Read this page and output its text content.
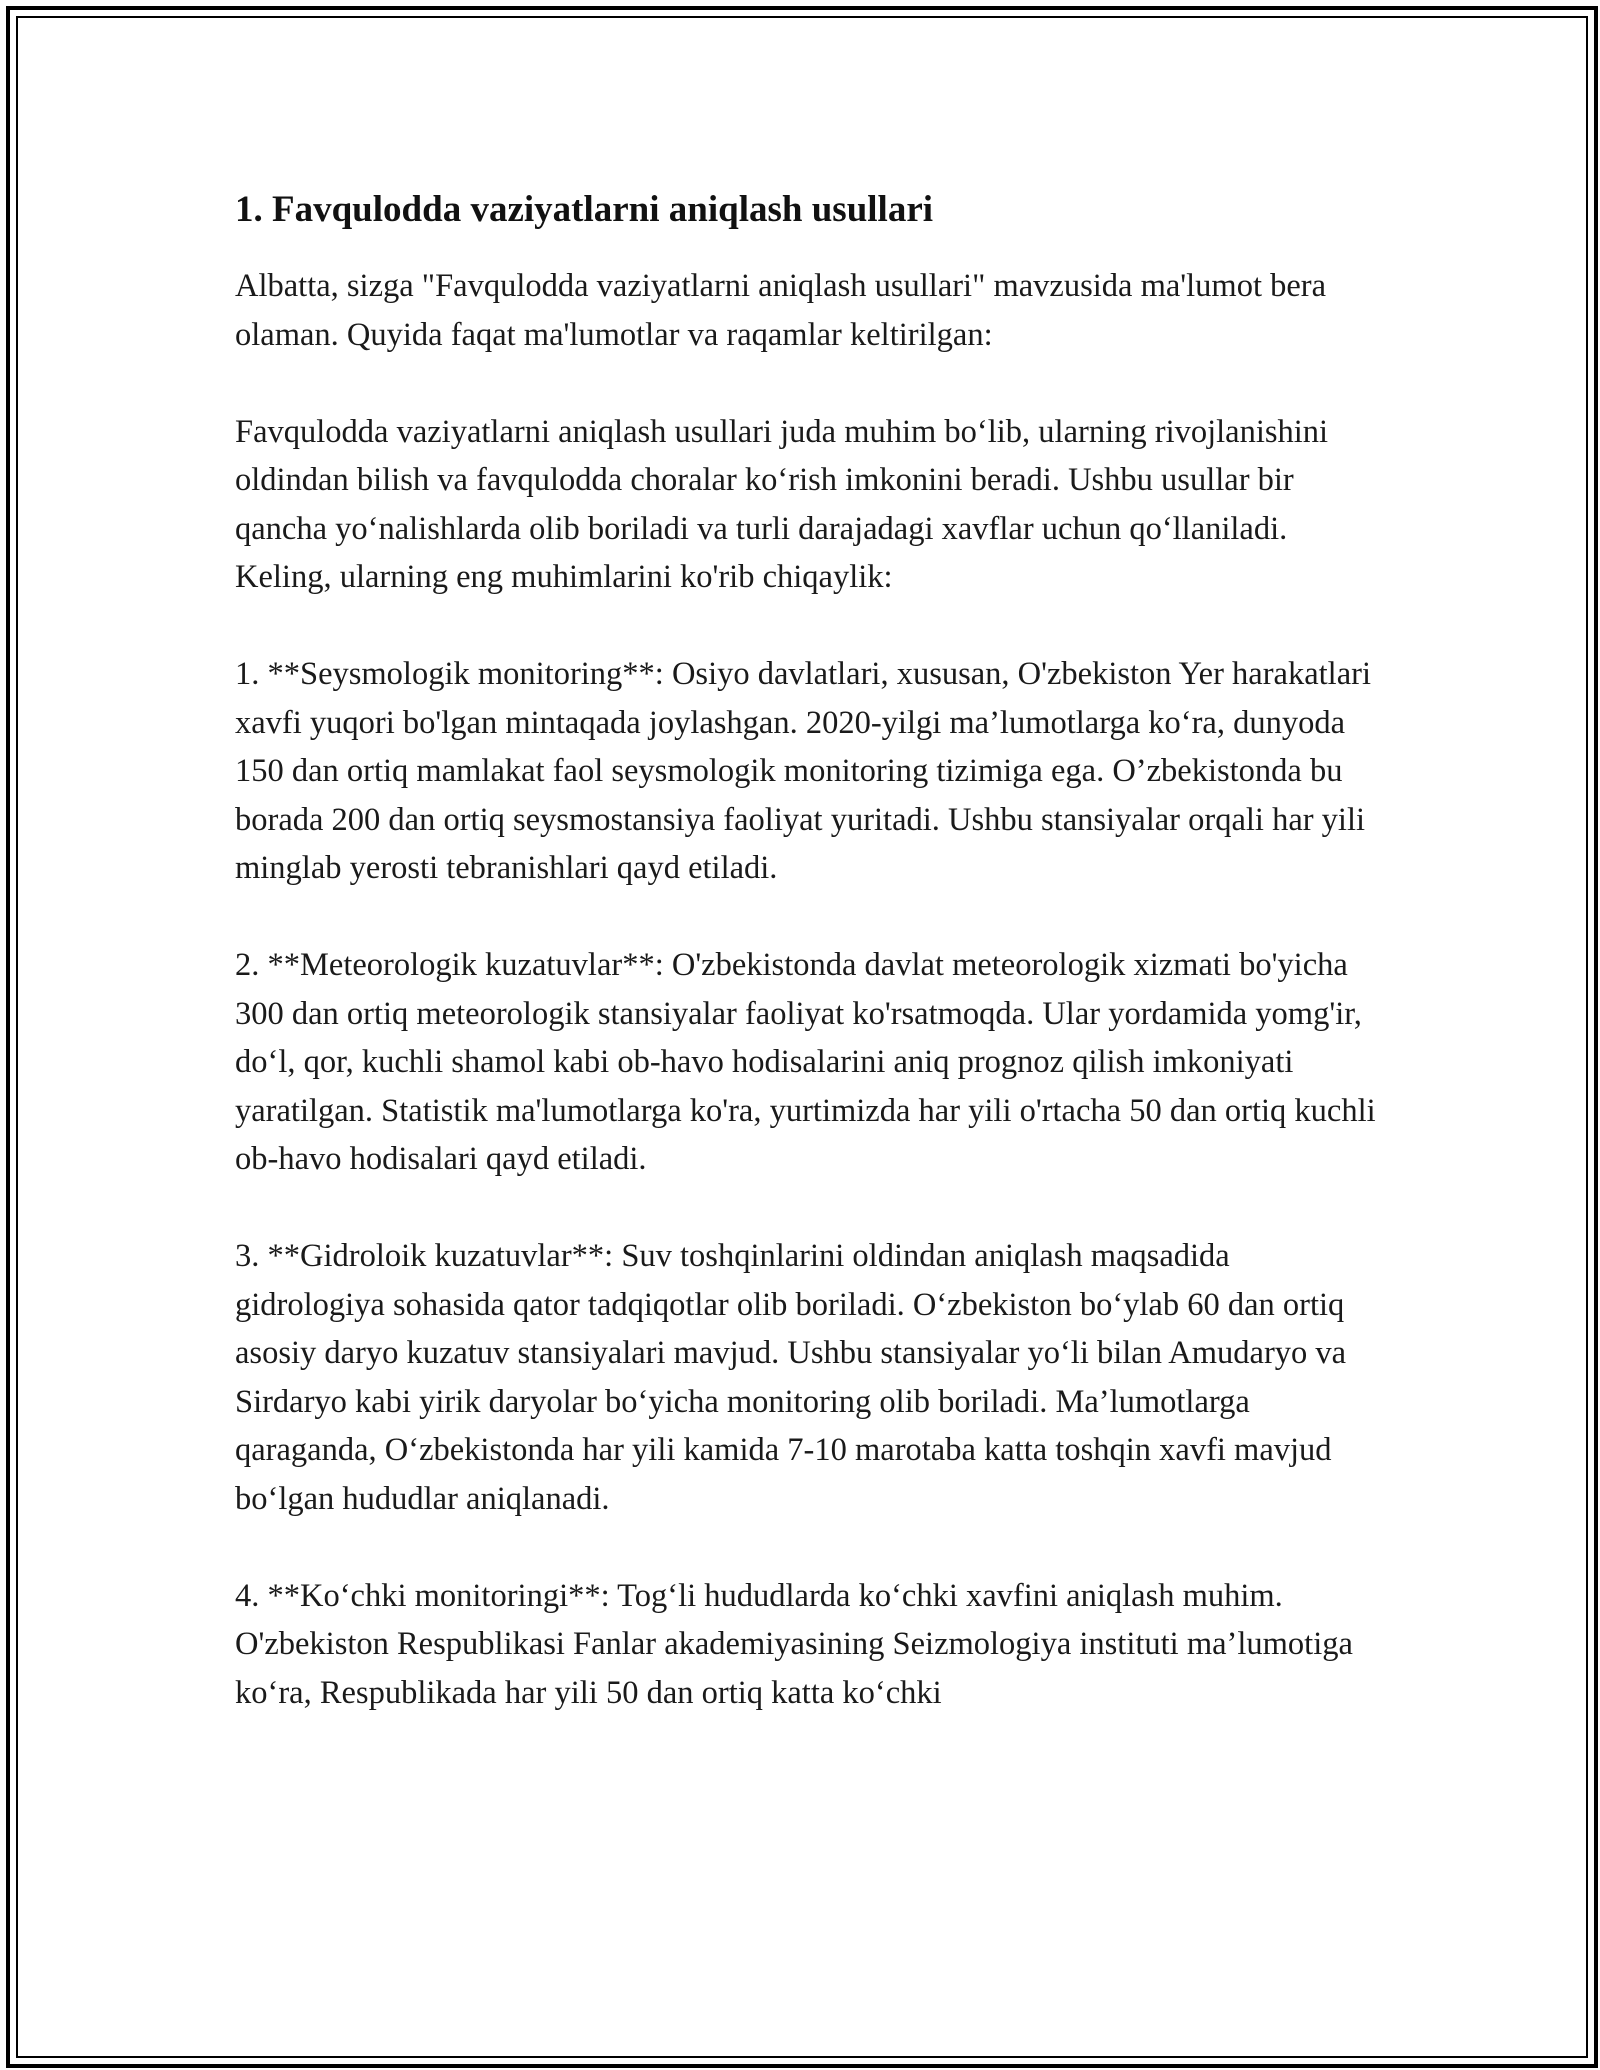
1. Favqulodda vaziyatlarni aniqlash usullari

Albatta, sizga "Favqulodda vaziyatlarni aniqlash usullari" mavzusida ma'lumot bera olaman. Quyida faqat ma'lumotlar va raqamlar keltirilgan:

Favqulodda vaziyatlarni aniqlash usullari juda muhim bo‘lib, ularning rivojlanishini oldindan bilish va favqulodda choralar ko‘rish imkonini beradi. Ushbu usullar bir qancha yo‘nalishlarda olib boriladi va turli darajadagi xavflar uchun qo‘llaniladi. Keling, ularning eng muhimlarini ko'rib chiqaylik:

1. **Seysmologik monitoring**: Osiyo davlatlari, xususan, O'zbekiston Yer harakatlari xavfi yuqori bo'lgan mintaqada joylashgan. 2020-yilgi ma’lumotlarga ko‘ra, dunyoda 150 dan ortiq mamlakat faol seysmologik monitoring tizimiga ega. O’zbekistonda bu borada 200 dan ortiq seysmostansiya faoliyat yuritadi. Ushbu stansiyalar orqali har yili minglab yerosti tebranishlari qayd etiladi.

2. **Meteorologik kuzatuvlar**: O'zbekistonda davlat meteorologik xizmati bo'yicha 300 dan ortiq meteorologik stansiyalar faoliyat ko'rsatmoqda. Ular yordamida yomg'ir, do‘l, qor, kuchli shamol kabi ob-havo hodisalarini aniq prognoz qilish imkoniyati yaratilgan. Statistik ma'lumotlarga ko'ra, yurtimizda har yili o'rtacha 50 dan ortiq kuchli ob-havo hodisalari qayd etiladi.

3. **Gidroloik kuzatuvlar**: Suv toshqinlarini oldindan aniqlash maqsadida gidrologiya sohasida qator tadqiqotlar olib boriladi. O‘zbekiston bo‘ylab 60 dan ortiq asosiy daryo kuzatuv stansiyalari mavjud. Ushbu stansiyalar yo‘li bilan Amudaryo va Sirdaryo kabi yirik daryolar bo‘yicha monitoring olib boriladi. Ma’lumotlarga qaraganda, O‘zbekistonda har yili kamida 7-10 marotaba katta toshqin xavfi mavjud bo‘lgan hududlar aniqlanadi.

4. **Ko‘chki monitoringi**: Tog‘li hududlarda ko‘chki xavfini aniqlash muhim. O'zbekiston Respublikasi Fanlar akademiyasining Seizmologiya instituti ma’lumotiga ko‘ra, Respublikada har yili 50 dan ortiq katta ko‘chki
